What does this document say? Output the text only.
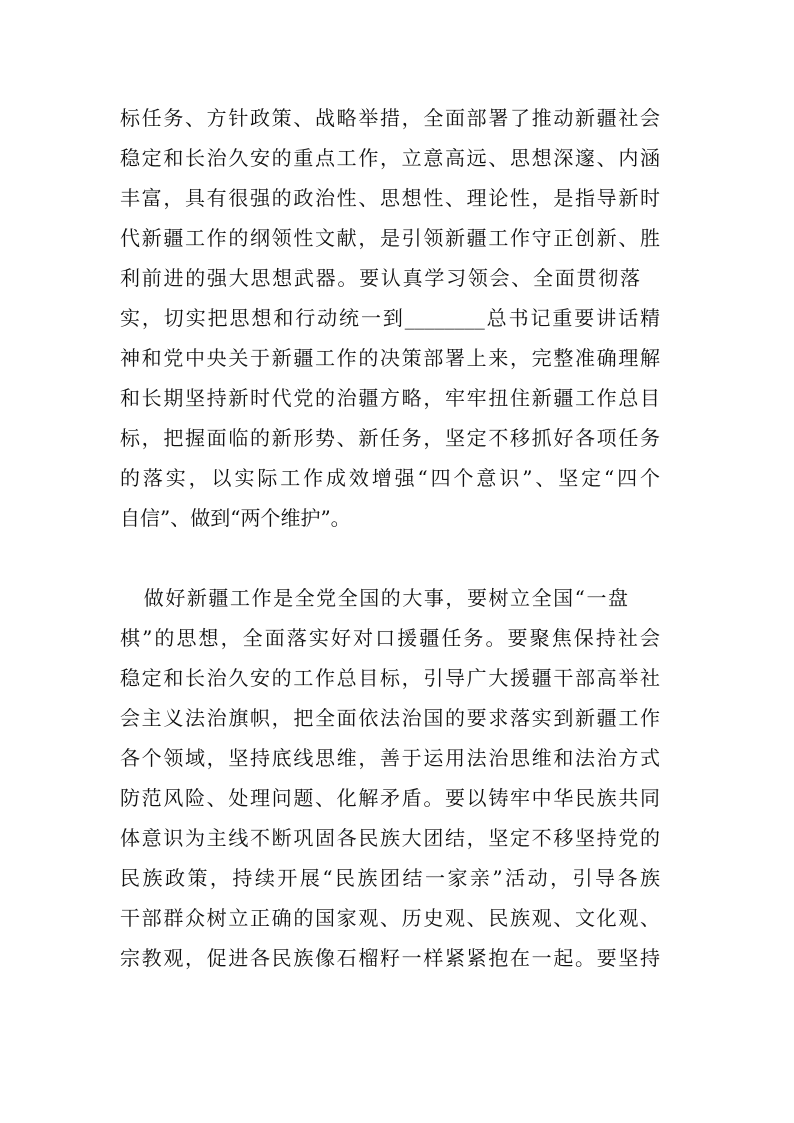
标任务、方针政策、战略举措，全面部署了推动新疆社会
稳定和长治久安的重点工作，立意高远、思想深邃、内涵
丰富，具有很强的政治性、思想性、理论性，是指导新时
代新疆工作的纲领性文献，是引领新疆工作守正创新、胜
利前进的强大思想武器。要认真学习领会、全面贯彻落
实，切实把思想和行动统一到________总书记重要讲话精
神和党中央关于新疆工作的决策部署上来，完整准确理解
和长期坚持新时代党的治疆方略，牢牢扭住新疆工作总目
标，把握面临的新形势、新任务，坚定不移抓好各项任务
的落实，以实际工作成效增强“四个意识”、坚定“四个
自信”、做到“两个维护”。
做好新疆工作是全党全国的大事，要树立全国“一盘
棋”的思想，全面落实好对口援疆任务。要聚焦保持社会
稳定和长治久安的工作总目标，引导广大援疆干部高举社
会主义法治旗帜，把全面依法治国的要求落实到新疆工作
各个领域，坚持底线思维，善于运用法治思维和法治方式
防范风险、处理问题、化解矛盾。要以铸牢中华民族共同
体意识为主线不断巩固各民族大团结，坚定不移坚持党的
民族政策，持续开展“民族团结一家亲”活动，引导各族
干部群众树立正确的国家观、历史观、民族观、文化观、
宗教观，促进各民族像石榴籽一样紧紧抱在一起。要坚持
